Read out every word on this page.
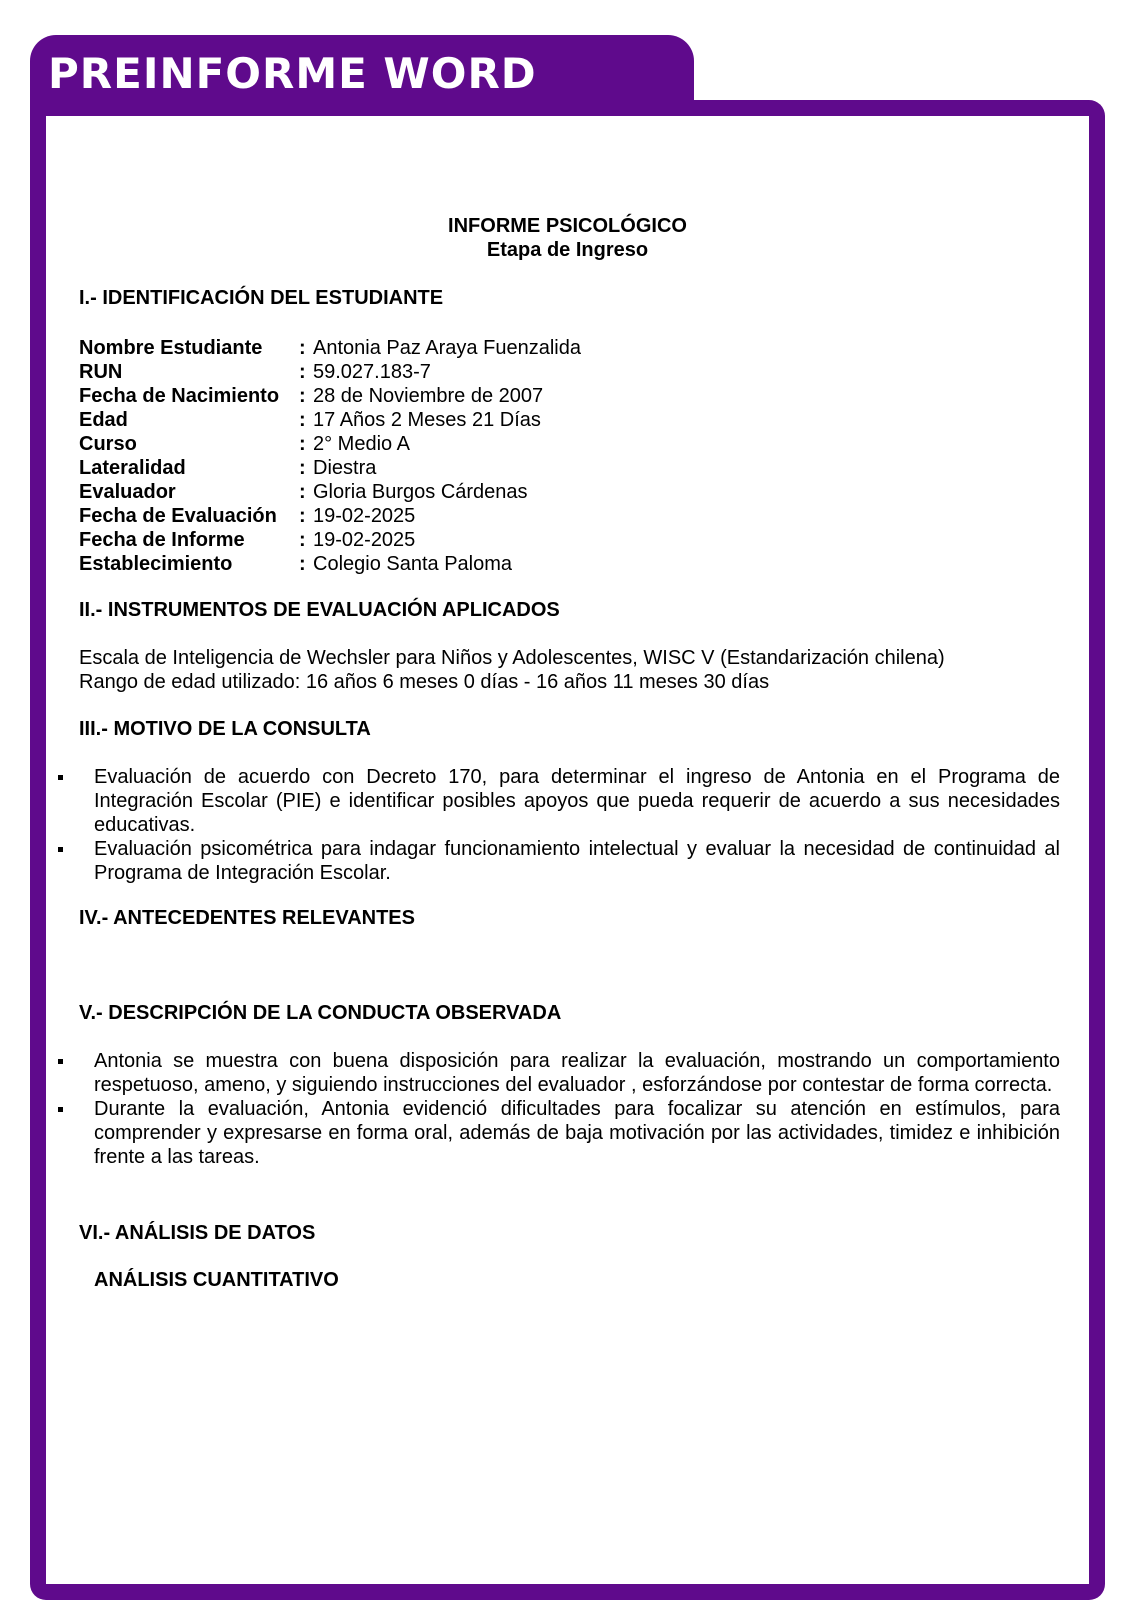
PREINFORME WORD
INFORME PSICOLÓGICO
Etapa de Ingreso
I.- IDENTIFICACIÓN DEL ESTUDIANTE
Nombre Estudiante	: Antonia Paz Araya Fuenzalida
RUN	: 59.027.183-7
Fecha de Nacimiento : 28 de Noviembre de 2007
Edad	: 17 Años 2 Meses 21 Días
Curso	: 2° Medio A
Lateralidad	: Diestra
Evaluador	: Gloria Burgos Cárdenas
Fecha de Evaluación	: 19-02-2025
Fecha de Informe	: 19-02-2025
Establecimiento	: Colegio Santa Paloma
II.- INSTRUMENTOS DE EVALUACIÓN APLICADOS
Escala de Inteligencia de Wechsler para Niños y Adolescentes, WISC V (Estandarización chilena)
Rango de edad utilizado: 16 años 6 meses 0 días - 16 años 11 meses 30 días
III.- MOTIVO DE LA CONSULTA
Evaluación de acuerdo con Decreto 170, para determinar el ingreso de Antonia en el Programa de Integración Escolar (PIE) e identificar posibles apoyos que pueda requerir de acuerdo a sus necesidades educativas.
Evaluación psicométrica para indagar funcionamiento intelectual y evaluar la necesidad de continuidad al Programa de Integración Escolar.
IV.- ANTECEDENTES RELEVANTES
V.- DESCRIPCIÓN DE LA CONDUCTA OBSERVADA
Antonia se muestra con buena disposición para realizar la evaluación, mostrando un comportamiento respetuoso, ameno, y siguiendo instrucciones del evaluador , esforzándose por contestar de forma correcta.
Durante la evaluación, Antonia evidenció dificultades para focalizar su atención en estímulos, para comprender y expresarse en forma oral, además de baja motivación por las actividades, timidez e inhibición frente a las tareas.
VI.- ANÁLISIS DE DATOS
ANÁLISIS CUANTITATIVO
